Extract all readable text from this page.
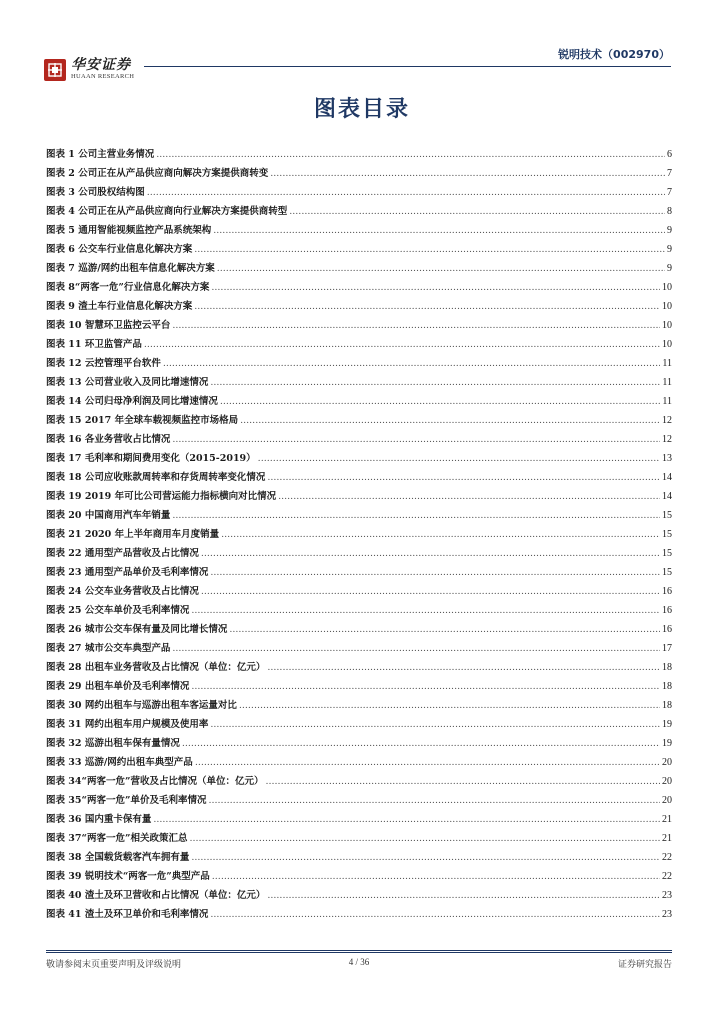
华安证券
HUAAN RESEARCH
锐明技术（002970）
图表目录
图表 1 公司主营业务情况 .....	6
图表 2 公司正在从产品供应商向解决方案提供商转变 .....	7
图表 3 公司股权结构图 .....	7
图表 4 公司正在从产品供应商向行业解决方案提供商转型 .....	8
图表 5 通用智能视频监控产品系统架构 .....	9
图表 6 公交车行业信息化解决方案 .....	9
图表 7 巡游/网约出租车信息化解决方案 .....	9
图表 8“两客一危”行业信息化解决方案 .....	10
图表 9 渣土车行业信息化解决方案 .....	10
图表 10 智慧环卫监控云平台 .....	10
图表 11 环卫监管产品 .....	10
图表 12 云控管理平台软件 .....	11
图表 13 公司营业收入及同比增速情况 .....	11
图表 14 公司归母净利润及同比增速情况 .....	11
图表 15 2017 年全球车载视频监控市场格局 .....	12
图表 16 各业务营收占比情况 .....	12
图表 17 毛利率和期间费用变化（2015-2019） .....	13
图表 18 公司应收账款周转率和存货周转率变化情况 .....	14
图表 19 2019 年可比公司营运能力指标横向对比情况 .....	14
图表 20 中国商用汽车年销量 .....	15
图表 21 2020 年上半年商用车月度销量 .....	15
图表 22 通用型产品营收及占比情况 .....	15
图表 23 通用型产品单价及毛利率情况 .....	15
图表 24 公交车业务营收及占比情况 .....	16
图表 25 公交车单价及毛利率情况 .....	16
图表 26 城市公交车保有量及同比增长情况 .....	16
图表 27 城市公交车典型产品 .....	17
图表 28 出租车业务营收及占比情况（单位：亿元） .....	18
图表 29 出租车单价及毛利率情况 .....	18
图表 30 网约出租车与巡游出租车客运量对比 .....	18
图表 31 网约出租车用户规模及使用率 .....	19
图表 32 巡游出租车保有量情况 .....	19
图表 33 巡游/网约出租车典型产品 .....	20
图表 34“两客一危”营收及占比情况（单位：亿元） .....	20
图表 35“两客一危”单价及毛利率情况 .....	20
图表 36 国内重卡保有量 .....	21
图表 37“两客一危”相关政策汇总 .....	21
图表 38 全国载货载客汽车拥有量 .....	22
图表 39 锐明技术“两客一危”典型产品 .....	22
图表 40 渣土及环卫营收和占比情况（单位：亿元） .....	23
图表 41 渣土及环卫单价和毛利率情况 .....	23
敬请参阅末页重要声明及评级说明	4 / 36	证券研究报告
